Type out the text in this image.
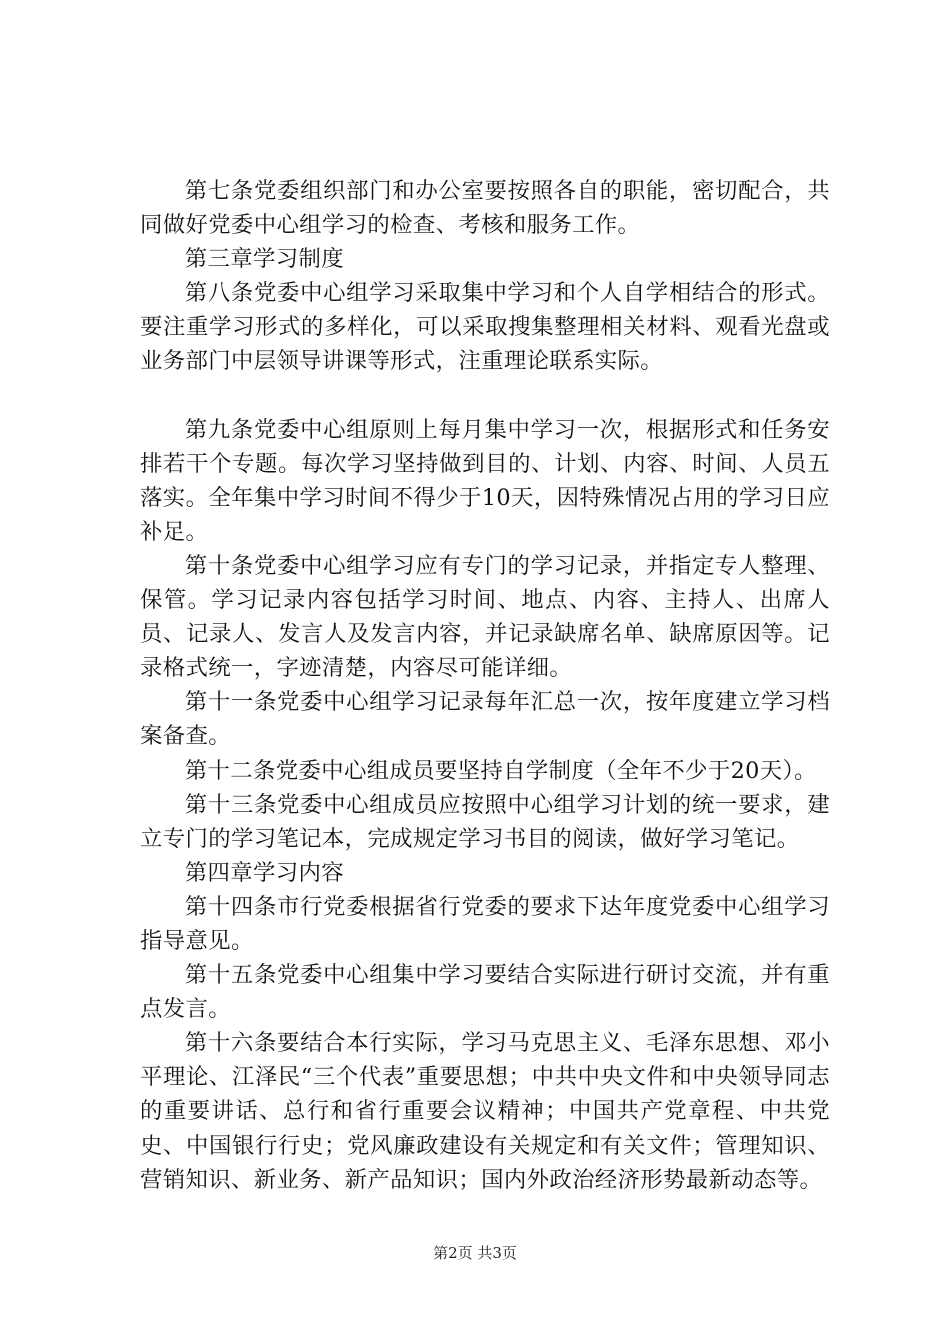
第七条党委组织部门和办公室要按照各自的职能，密切配合，共同做好党委中心组学习的检查、考核和服务工作。

第三章学习制度

第八条党委中心组学习采取集中学习和个人自学相结合的形式。要注重学习形式的多样化，可以采取搜集整理相关材料、观看光盘或业务部门中层领导讲课等形式，注重理论联系实际。

第九条党委中心组原则上每月集中学习一次，根据形式和任务安排若干个专题。每次学习坚持做到目的、计划、内容、时间、人员五落实。全年集中学习时间不得少于10天，因特殊情况占用的学习日应补足。

第十条党委中心组学习应有专门的学习记录，并指定专人整理、保管。学习记录内容包括学习时间、地点、内容、主持人、出席人员、记录人、发言人及发言内容，并记录缺席名单、缺席原因等。记录格式统一，字迹清楚，内容尽可能详细。

第十一条党委中心组学习记录每年汇总一次，按年度建立学习档案备查。

第十二条党委中心组成员要坚持自学制度（全年不少于20天）。

第十三条党委中心组成员应按照中心组学习计划的统一要求，建立专门的学习笔记本，完成规定学习书目的阅读，做好学习笔记。

第四章学习内容

第十四条市行党委根据省行党委的要求下达年度党委中心组学习指导意见。

第十五条党委中心组集中学习要结合实际进行研讨交流，并有重点发言。

第十六条要结合本行实际，学习马克思主义、毛泽东思想、邓小平理论、江泽民“三个代表”重要思想；中共中央文件和中央领导同志的重要讲话、总行和省行重要会议精神；中国共产党章程、中共党史、中国银行行史；党风廉政建设有关规定和有关文件；管理知识、营销知识、新业务、新产品知识；国内外政治经济形势最新动态等。

第2页 共3页
